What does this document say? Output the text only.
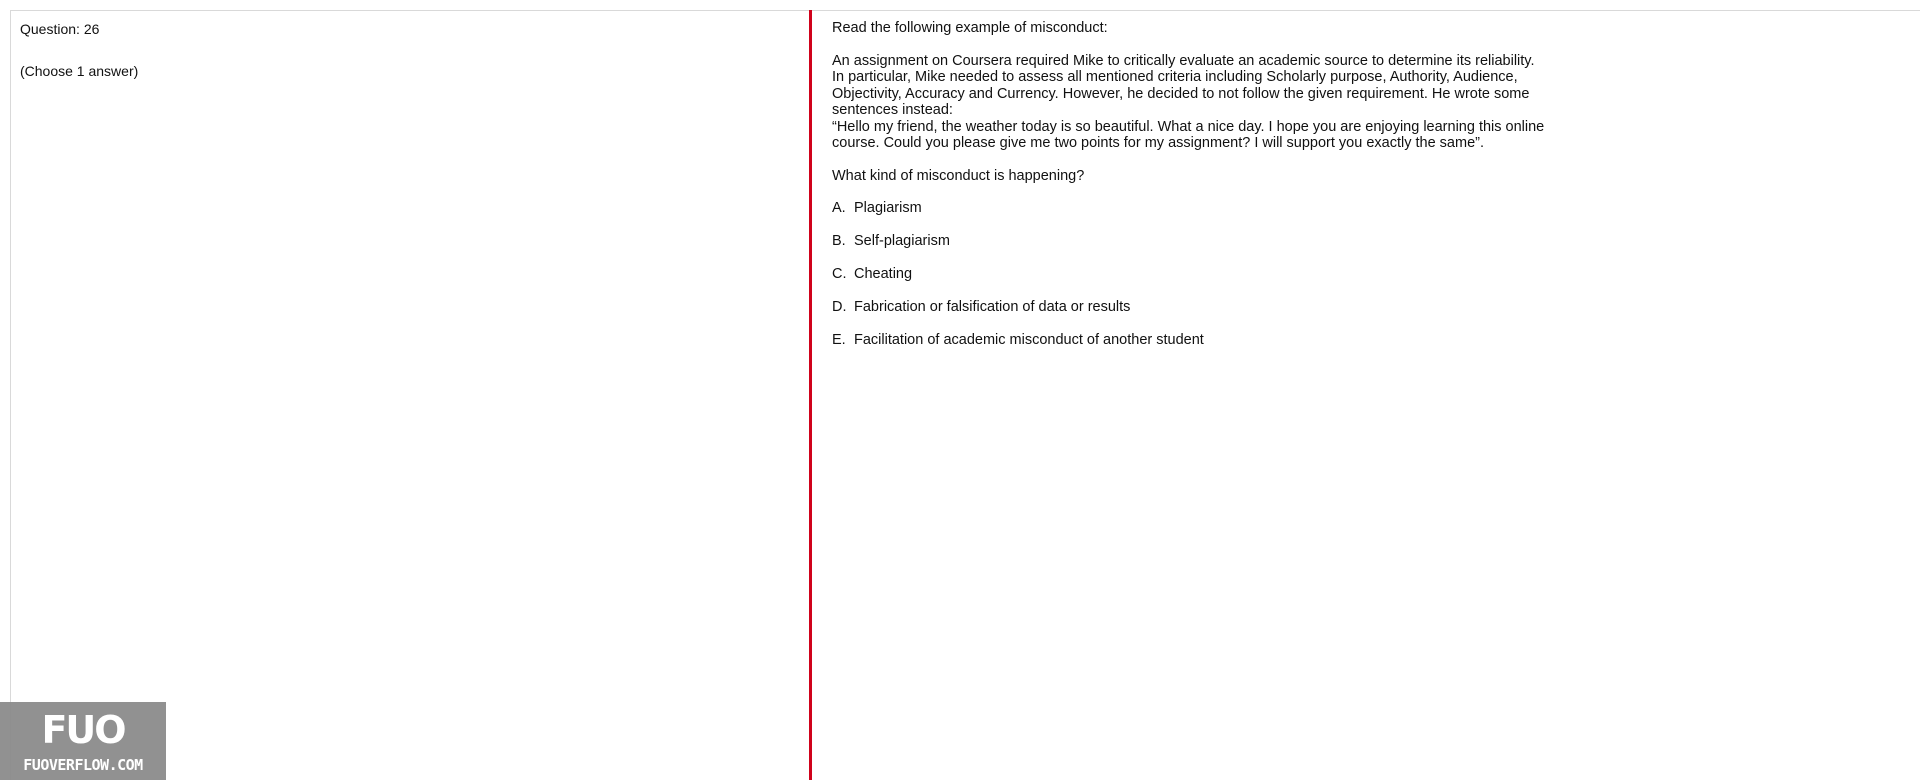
Question: 26

(Choose 1 answer)

Read the following example of misconduct:

An assignment on Coursera required Mike to critically evaluate an academic source to determine its reliability.

In particular, Mike needed to assess all mentioned criteria including Scholarly purpose, Authority, Audience,

Objectivity, Accuracy and Currency. However, he decided to not follow the given requirement. He wrote some

sentences instead:

“Hello my friend, the weather today is so beautiful. What a nice day. I hope you are enjoying learning this online

course. Could you please give me two points for my assignment? I will support you exactly the same”.

What kind of misconduct is happening?

A. Plagiarism
B. Self-plagiarism
C. Cheating
D. Fabrication or falsification of data or results
E. Facilitation of academic misconduct of another student
FUO
FUOVERFLOW.COM
